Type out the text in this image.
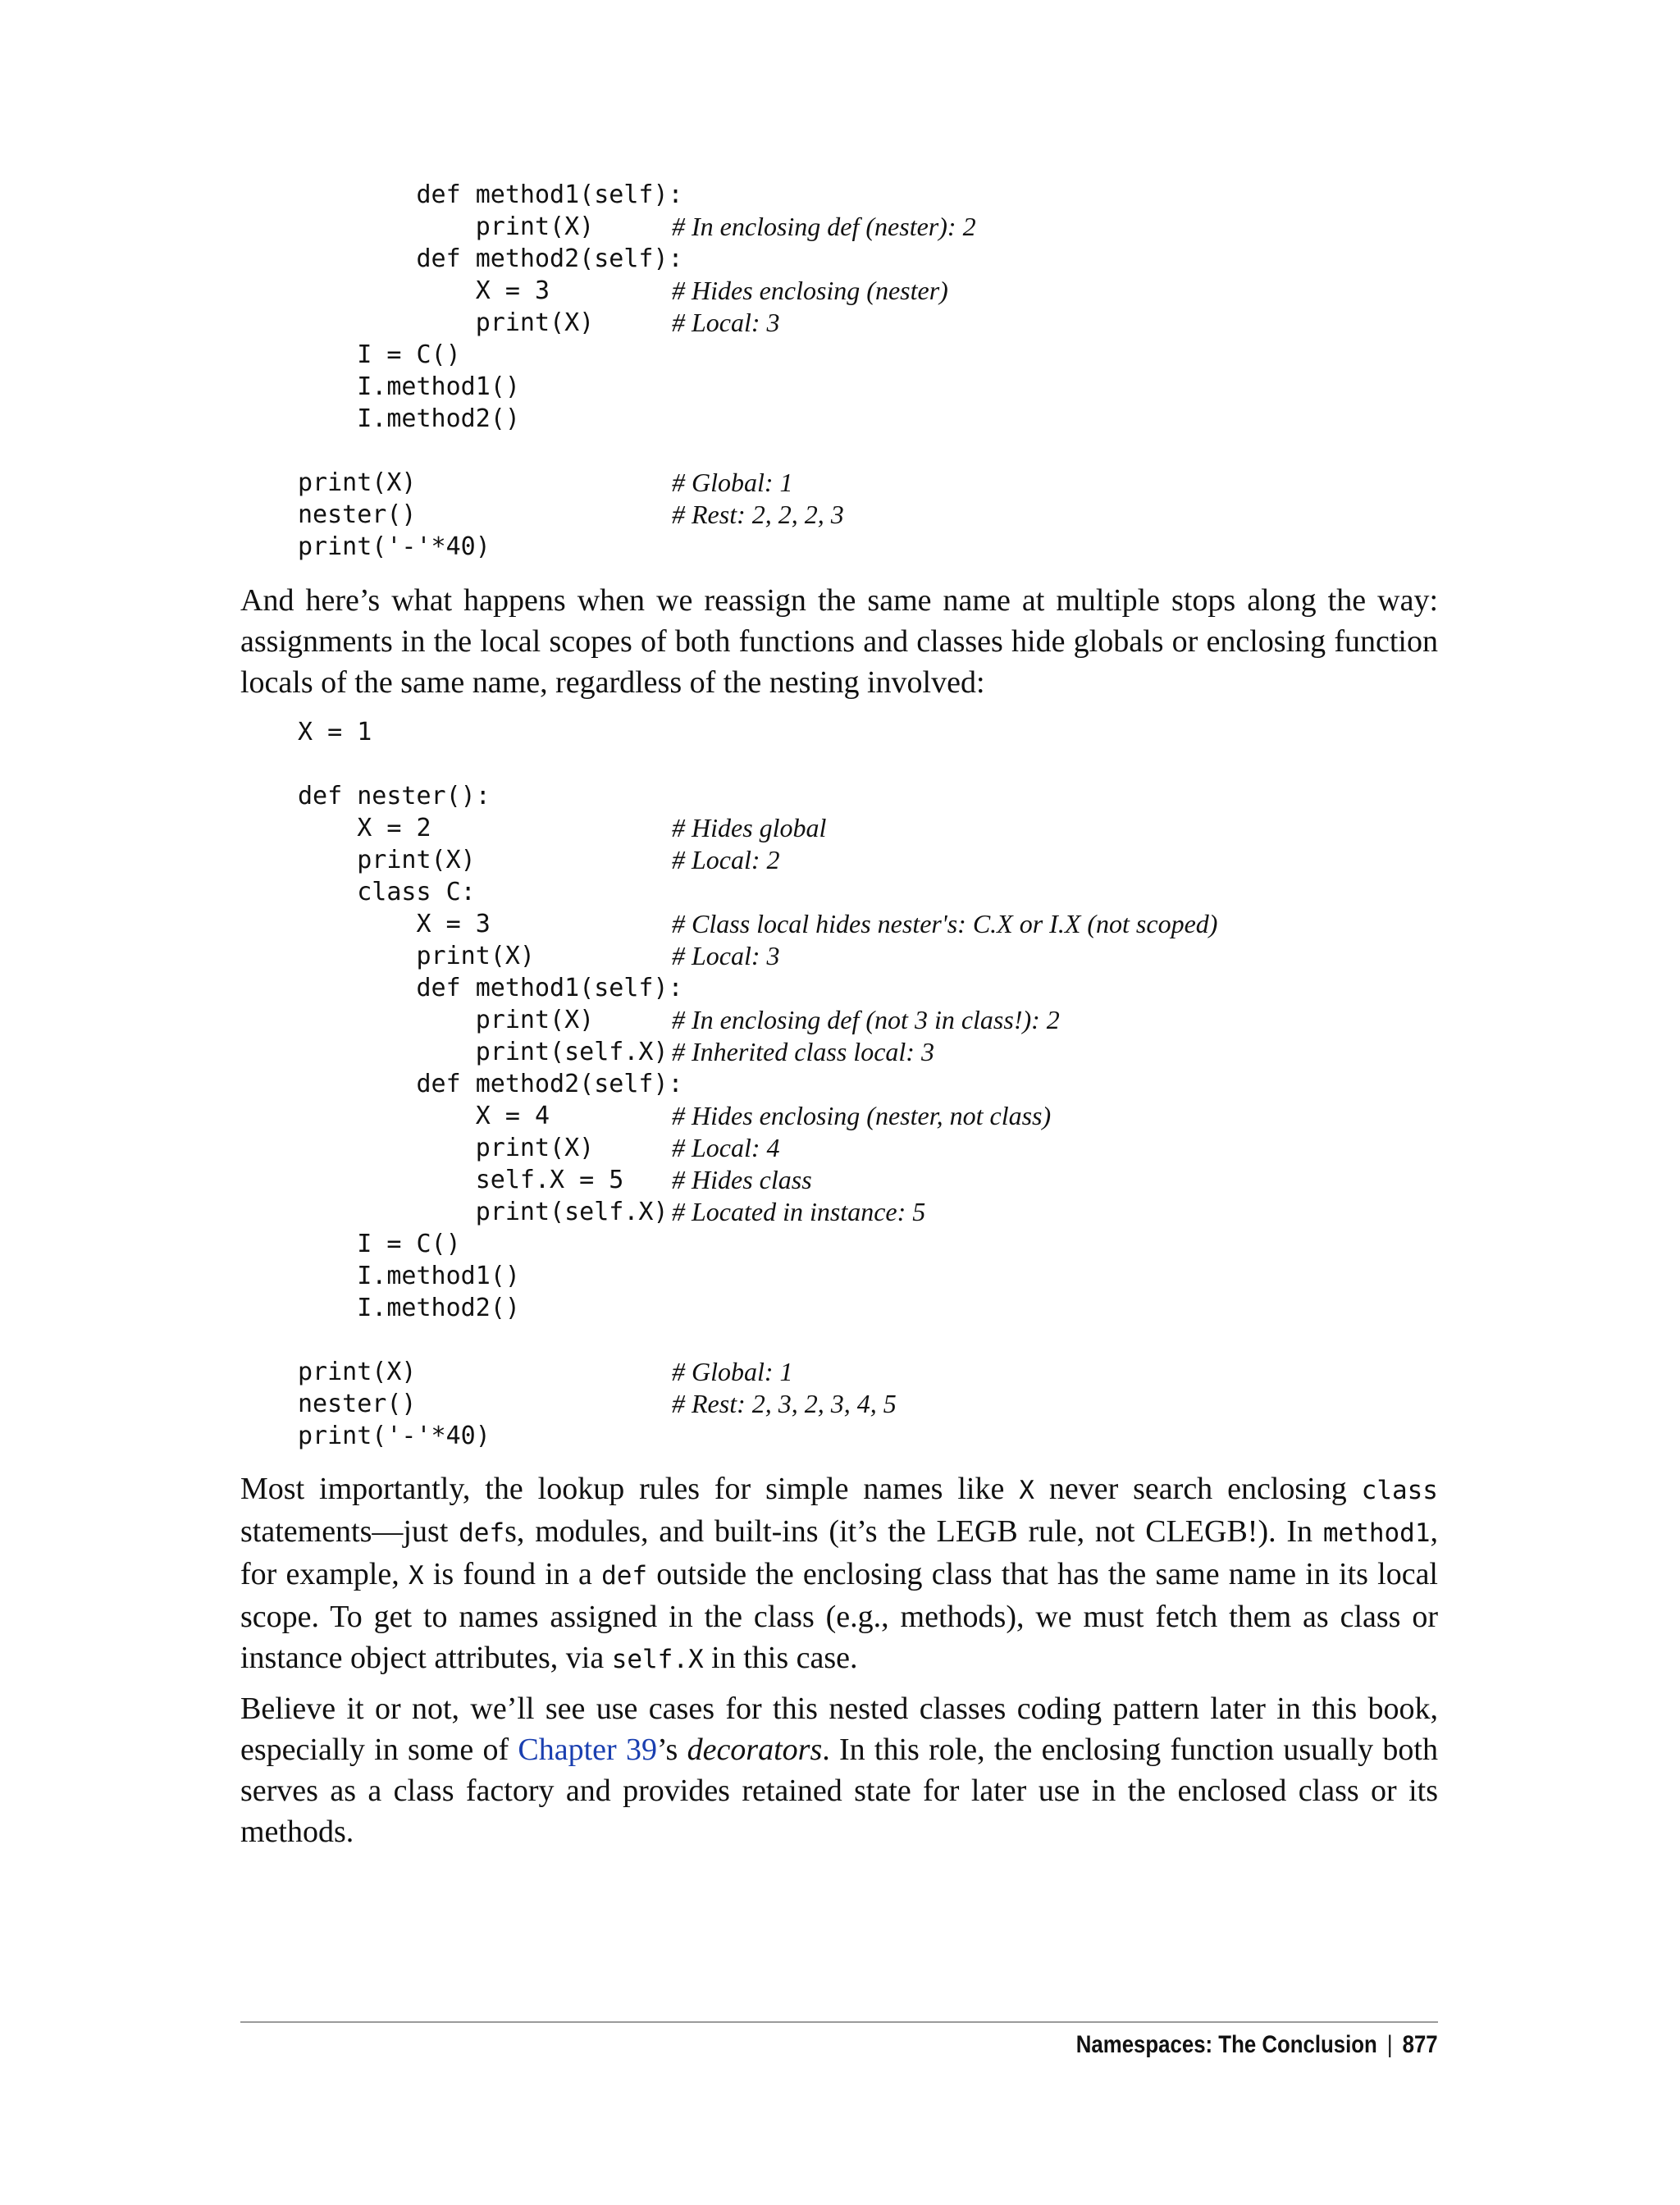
def method1(self):
print(X)	# In enclosing def (nester): 2
def method2(self):
X = 3	# Hides enclosing (nester)
print(X)	# Local: 3
I = C()
I.method1()
I.method2()
print(X)	# Global: 1
nester()	# Rest: 2, 2, 2, 3
print('-'*40)

And here’s what happens when we reassign the same name at multiple stops along the way: assignments in the local scopes of both functions and classes hide globals or enclosing function locals of the same name, regardless of the nesting involved:

X = 1
def nester():
X = 2	# Hides global
print(X)	# Local: 2
class C:
X = 3	# Class local hides nester's: C.X or I.X (not scoped)
print(X)	# Local: 3
def method1(self):
print(X)	# In enclosing def (not 3 in class!): 2
print(self.X) # Inherited class local: 3
def method2(self):
X = 4	# Hides enclosing (nester, not class)
print(X)	# Local: 4
self.X = 5 # Hides class
print(self.X) # Located in instance: 5
I = C()
I.method1()
I.method2()
print(X)	# Global: 1
nester()	# Rest: 2, 3, 2, 3, 4, 5
print('-'*40)

Most importantly, the lookup rules for simple names like X never search enclosing class statements—just defs, modules, and built-ins (it’s the LEGB rule, not CLEGB!). In method1, for example, X is found in a def outside the enclosing class that has the same name in its local scope. To get to names assigned in the class (e.g., methods), we must fetch them as class or instance object attributes, via self.X in this case.

Believe it or not, we’ll see use cases for this nested classes coding pattern later in this book, especially in some of Chapter 39’s decorators. In this role, the enclosing function usually both serves as a class factory and provides retained state for later use in the enclosed class or its methods.

Namespaces: The Conclusion | 877
